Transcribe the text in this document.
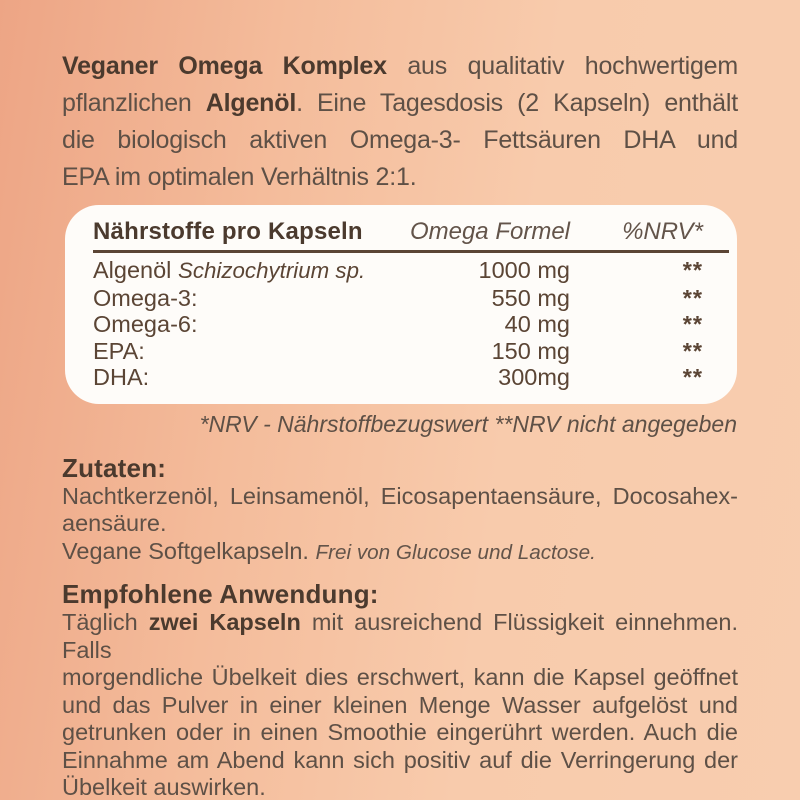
Veganer Omega Komplex aus qualitativ hochwertigem
pflanzlichen Algenöl. Eine Tagesdosis (2 Kapseln) enthält
die biologisch aktiven Omega-3- Fettsäuren DHA und
EPA im optimalen Verhältnis 2:1.
Nährstoffe pro Kapseln	Omega Formel	%NRV*
Algenöl Schizochytrium sp.	1000 mg	**
Omega-3:	550 mg	**
Omega-6:	40 mg	**
EPA:	150 mg	**
DHA:	300mg	**
*NRV - Nährstoffbezugswert **NRV nicht angegeben
Zutaten:
Nachtkerzenöl, Leinsamenöl, Eicosapentaensäure, Docosahex-
aensäure.
Vegane Softgelkapseln. Frei von Glucose und Lactose.
Empfohlene Anwendung:
Täglich zwei Kapseln mit ausreichend Flüssigkeit einnehmen. Falls
morgendliche Übelkeit dies erschwert, kann die Kapsel geöffnet
und das Pulver in einer kleinen Menge Wasser aufgelöst und
getrunken oder in einen Smoothie eingerührt werden. Auch die
Einnahme am Abend kann sich positiv auf die Verringerung der
Übelkeit auswirken.
